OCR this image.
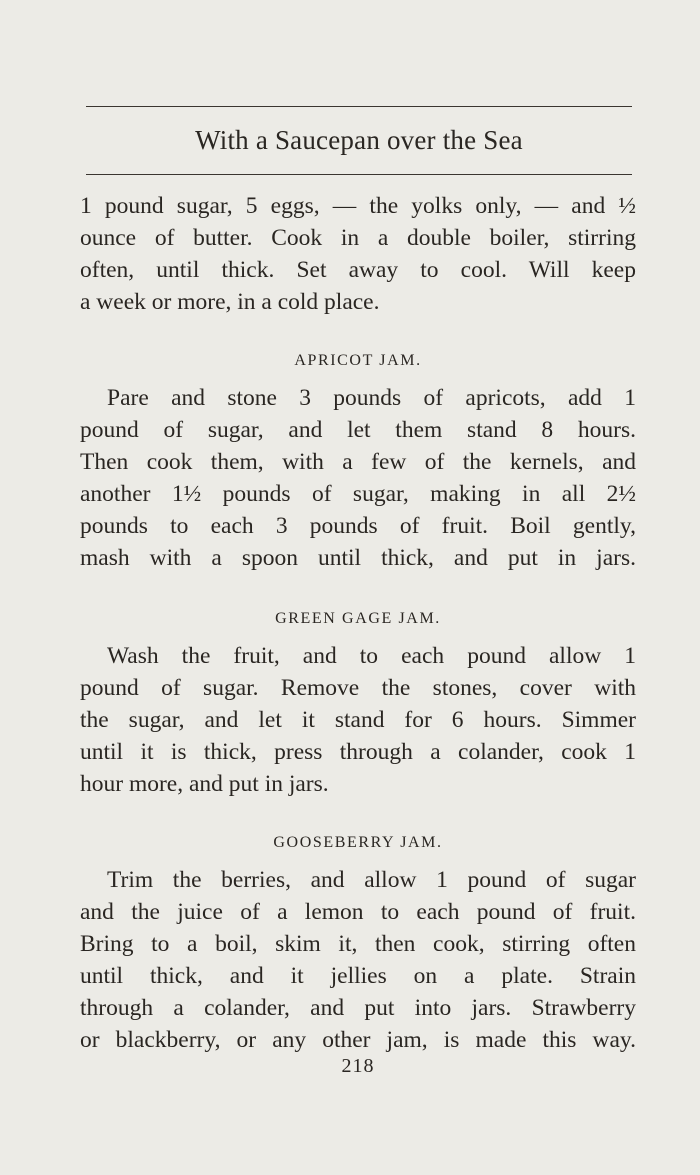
With a Saucepan over the Sea
1 pound sugar, 5 eggs, — the yolks only, — and ½
ounce of butter. Cook in a double boiler, stirring
often, until thick. Set away to cool. Will keep
a week or more, in a cold place.
APRICOT JAM.
Pare and stone 3 pounds of apricots, add 1
pound of sugar, and let them stand 8 hours.
Then cook them, with a few of the kernels, and
another 1½ pounds of sugar, making in all 2½
pounds to each 3 pounds of fruit. Boil gently,
mash with a spoon until thick, and put in jars.
GREEN GAGE JAM.
Wash the fruit, and to each pound allow 1
pound of sugar. Remove the stones, cover with
the sugar, and let it stand for 6 hours. Simmer
until it is thick, press through a colander, cook 1
hour more, and put in jars.
GOOSEBERRY JAM.
Trim the berries, and allow 1 pound of sugar
and the juice of a lemon to each pound of fruit.
Bring to a boil, skim it, then cook, stirring often
until thick, and it jellies on a plate. Strain
through a colander, and put into jars. Strawberry
or blackberry, or any other jam, is made this way.
218
